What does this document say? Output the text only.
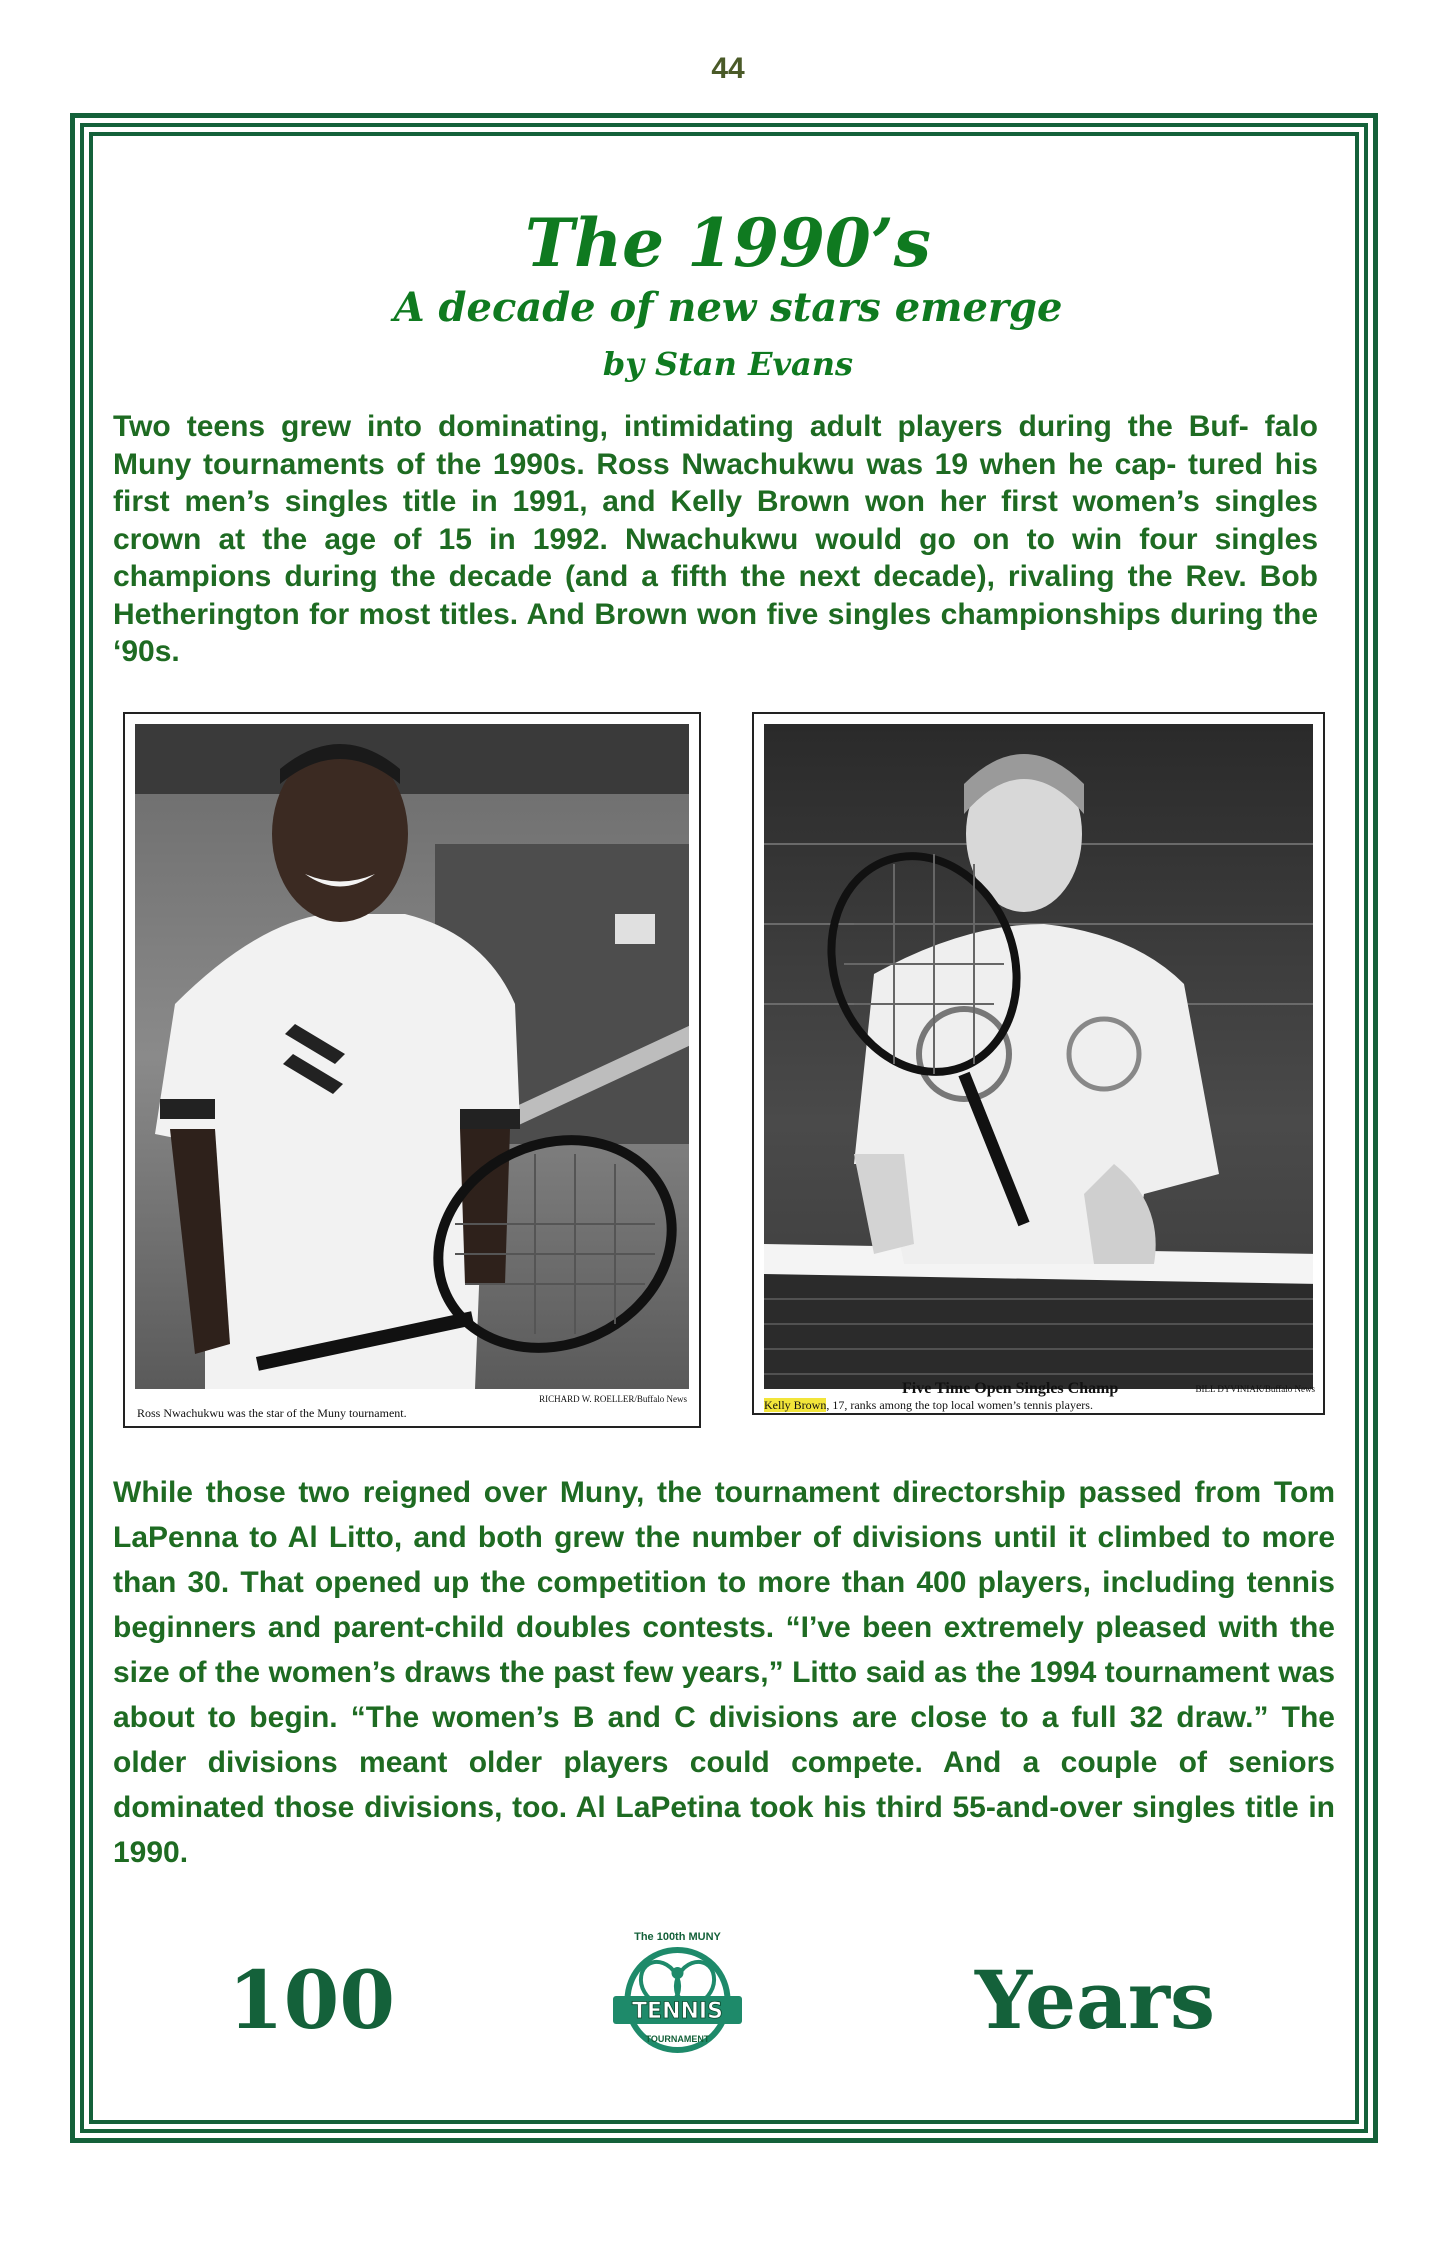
44
The 1990’s
A decade of new stars emerge
by Stan Evans

Two teens grew into dominating, intimidating adult players during the Buf- falo Muny tournaments of the 1990s. Ross Nwachukwu was 19 when he cap- tured his first men’s singles title in 1991, and Kelly Brown won her first women’s singles crown at the age of 15 in 1992. Nwachukwu would go on to win four singles champions during the decade (and a fifth the next decade), rivaling the Rev. Bob Hetherington for most titles. And Brown won five singles championships during the ‘90s.

RICHARD W. ROELLER/Buffalo News
Ross Nwachukwu was the star of the Muny tournament.
Five Time Open Singles Champ	BILL DYVINIAK/Buffalo News
Kelly Brown, 17, ranks among the top local women’s tennis players.

While those two reigned over Muny, the tournament directorship passed from Tom LaPenna to Al Litto, and both grew the number of divisions until it climbed to more than 30. That opened up the competition to more than 400 players, including tennis beginners and parent-child doubles contests. “I’ve been extremely pleased with the size of the women’s draws the past few years,” Litto said as the 1994 tournament was about to begin. “The women’s B and C divisions are close to a full 32 draw.” The older divisions meant older players could compete. And a couple of seniors dominated those divisions, too. Al LaPetina took his third 55-and-over singles title in 1990.

100
The 100th MUNY
TENNIS
TOURNAMENT	Years
